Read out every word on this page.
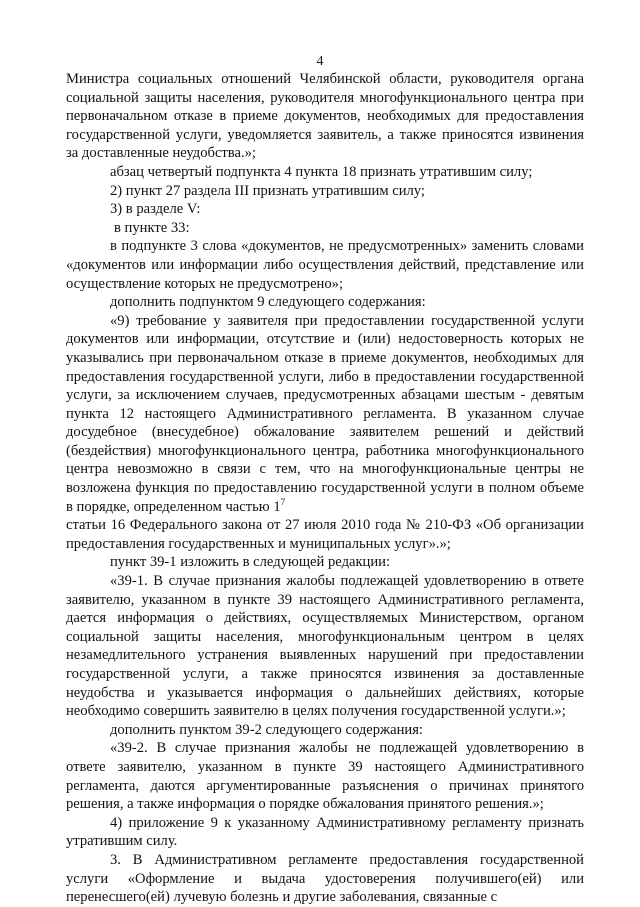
4

Министра социальных отношений Челябинской области, руководителя органа социальной защиты населения, руководителя многофункционального центра при первоначальном отказе в приеме документов, необходимых для предоставления государственной услуги, уведомляется заявитель, а также приносятся извинения за доставленные неудобства.»;

абзац четвертый подпункта 4 пункта 18 признать утратившим силу;

2) пункт 27 раздела III признать утратившим силу;

3) в разделе V:

в пункте 33:

в подпункте 3 слова «документов, не предусмотренных» заменить словами «документов или информации либо осуществления действий, представление или осуществление которых не предусмотрено»;

дополнить подпунктом 9 следующего содержания:

«9) требование у заявителя при предоставлении государственной услуги документов или информации, отсутствие и (или) недостоверность которых не указывались при первоначальном отказе в приеме документов, необходимых для предоставления государственной услуги, либо в предоставлении государственной услуги, за исключением случаев, предусмотренных абзацами шестым - девятым пункта 12 настоящего Административного регламента. В указанном случае досудебное (внесудебное) обжалование заявителем решений и действий (бездействия) многофункционального центра, работника многофункционального центра невозможно в связи с тем, что на многофункциональные центры не возложена функция по предоставлению государственной услуги в полном объеме в порядке, определенном частью $1^7$

статьи 16 Федерального закона от 27 июля 2010 года № 210-ФЗ «Об организации предоставления государственных и муниципальных услуг».»;

пункт 39-1 изложить в следующей редакции:

«39-1. В случае признания жалобы подлежащей удовлетворению в ответе заявителю, указанном в пункте 39 настоящего Административного регламента, дается информация о действиях, осуществляемых Министерством, органом социальной защиты населения, многофункциональным центром в целях незамедлительного устранения выявленных нарушений при предоставлении государственной услуги, а также приносятся извинения за доставленные неудобства и указывается информация о дальнейших действиях, которые необходимо совершить заявителю в целях получения государственной услуги.»;

дополнить пунктом 39-2 следующего содержания:

«39-2. В случае признания жалобы не подлежащей удовлетворению в ответе заявителю, указанном в пункте 39 настоящего Административного регламента, даются аргументированные разъяснения о причинах принятого решения, а также информация о порядке обжалования принятого решения.»;

4) приложение 9 к указанному Административному регламенту признать утратившим силу.

3. В Административном регламенте предоставления государственной услуги «Оформление и выдача удостоверения получившего(ей) или перенесшего(ей) лучевую болезнь и другие заболевания, связанные с
